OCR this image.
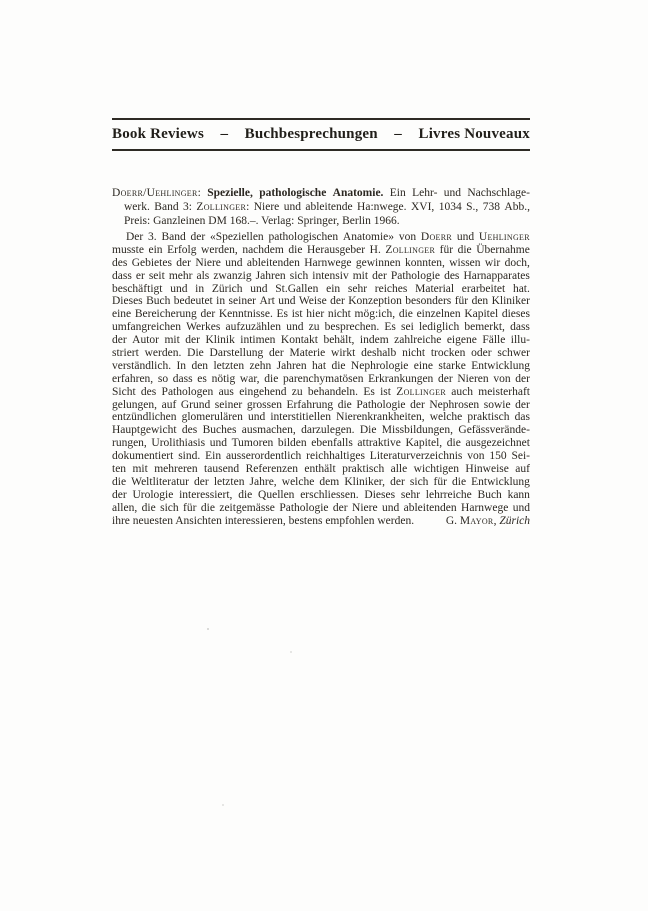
Book Reviews – Buchbesprechungen – Livres Nouveaux
Doerr/Uehlinger: Spezielle, pathologische Anatomie. Ein Lehr- und Nachschlage-
werk. Band 3: Zollinger: Niere und ableitende Ha:nwege. XVI, 1034 S., 738 Abb.,
Preis: Ganzleinen DM 168.–. Verlag: Springer, Berlin 1966.
Der 3. Band der «Speziellen pathologischen Anatomie» von Doerr und Uehlinger
musste ein Erfolg werden, nachdem die Herausgeber H. Zollinger für die Übernahme
des Gebietes der Niere und ableitenden Harnwege gewinnen konnten, wissen wir doch,
dass er seit mehr als zwanzig Jahren sich intensiv mit der Pathologie des Harnapparates
beschäftigt und in Zürich und St.Gallen ein sehr reiches Material erarbeitet hat.
Dieses Buch bedeutet in seiner Art und Weise der Konzeption besonders für den Kliniker
eine Bereicherung der Kenntnisse. Es ist hier nicht mög:ich, die einzelnen Kapitel dieses
umfangreichen Werkes aufzuzählen und zu besprechen. Es sei lediglich bemerkt, dass
der Autor mit der Klinik intimen Kontakt behält, indem zahlreiche eigene Fälle illu-
striert werden. Die Darstellung der Materie wirkt deshalb nicht trocken oder schwer
verständlich. In den letzten zehn Jahren hat die Nephrologie eine starke Entwicklung
erfahren, so dass es nötig war, die parenchymatösen Erkrankungen der Nieren von der
Sicht des Pathologen aus eingehend zu behandeln. Es ist Zollinger auch meisterhaft
gelungen, auf Grund seiner grossen Erfahrung die Pathologie der Nephrosen sowie der
entzündlichen glomerulären und interstitiellen Nierenkrankheiten, welche praktisch das
Hauptgewicht des Buches ausmachen, darzulegen. Die Missbildungen, Gefässverände-
rungen, Urolithiasis und Tumoren bilden ebenfalls attraktive Kapitel, die ausgezeichnet
dokumentiert sind. Ein ausserordentlich reichhaltiges Literaturverzeichnis von 150 Sei-
ten mit mehreren tausend Referenzen enthält praktisch alle wichtigen Hinweise auf
die Weltliteratur der letzten Jahre, welche dem Kliniker, der sich für die Entwicklung
der Urologie interessiert, die Quellen erschliessen. Dieses sehr lehrreiche Buch kann
allen, die sich für die zeitgemässe Pathologie der Niere und ableitenden Harnwege und
ihre neuesten Ansichten interessieren, bestens empfohlen werden.	G. Mayor, Zürich
